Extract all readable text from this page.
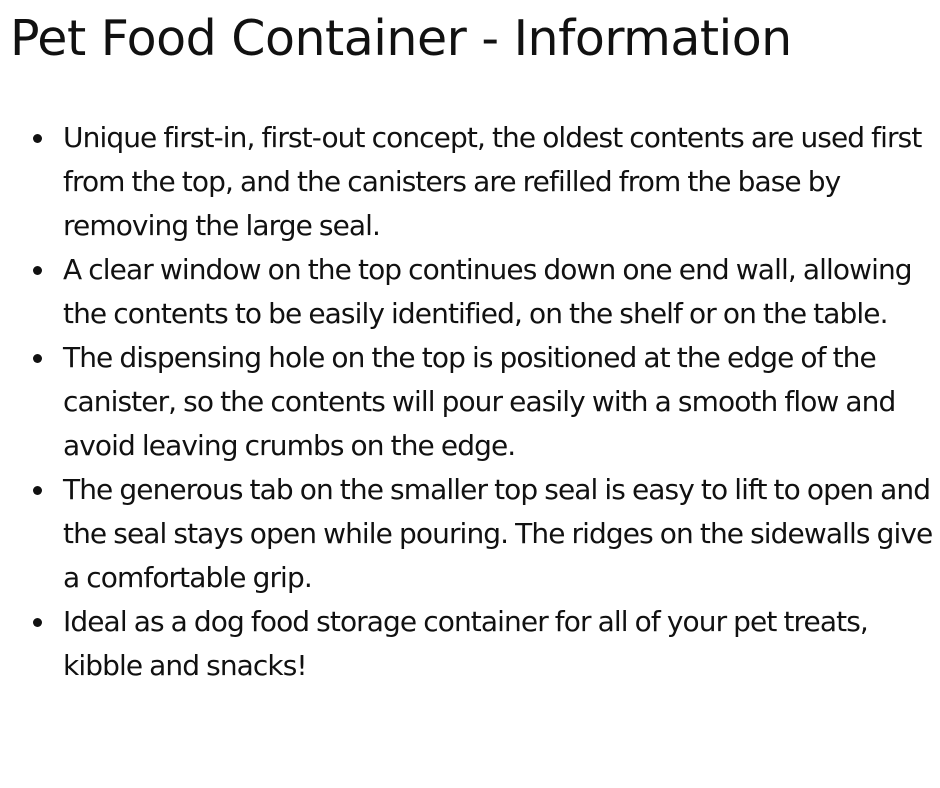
Pet Food Container - Information
Unique first-in, first-out concept, the oldest contents are used first from the top, and the canisters are refilled from the base by removing the large seal.
A clear window on the top continues down one end wall, allowing the contents to be easily identified, on the shelf or on the table.
The dispensing hole on the top is positioned at the edge of the canister, so the contents will pour easily with a smooth flow and avoid leaving crumbs on the edge.
The generous tab on the smaller top seal is easy to lift to open and the seal stays open while pouring. The ridges on the sidewalls give a comfortable grip.
Ideal as a dog food storage container for all of your pet treats, kibble and snacks!
